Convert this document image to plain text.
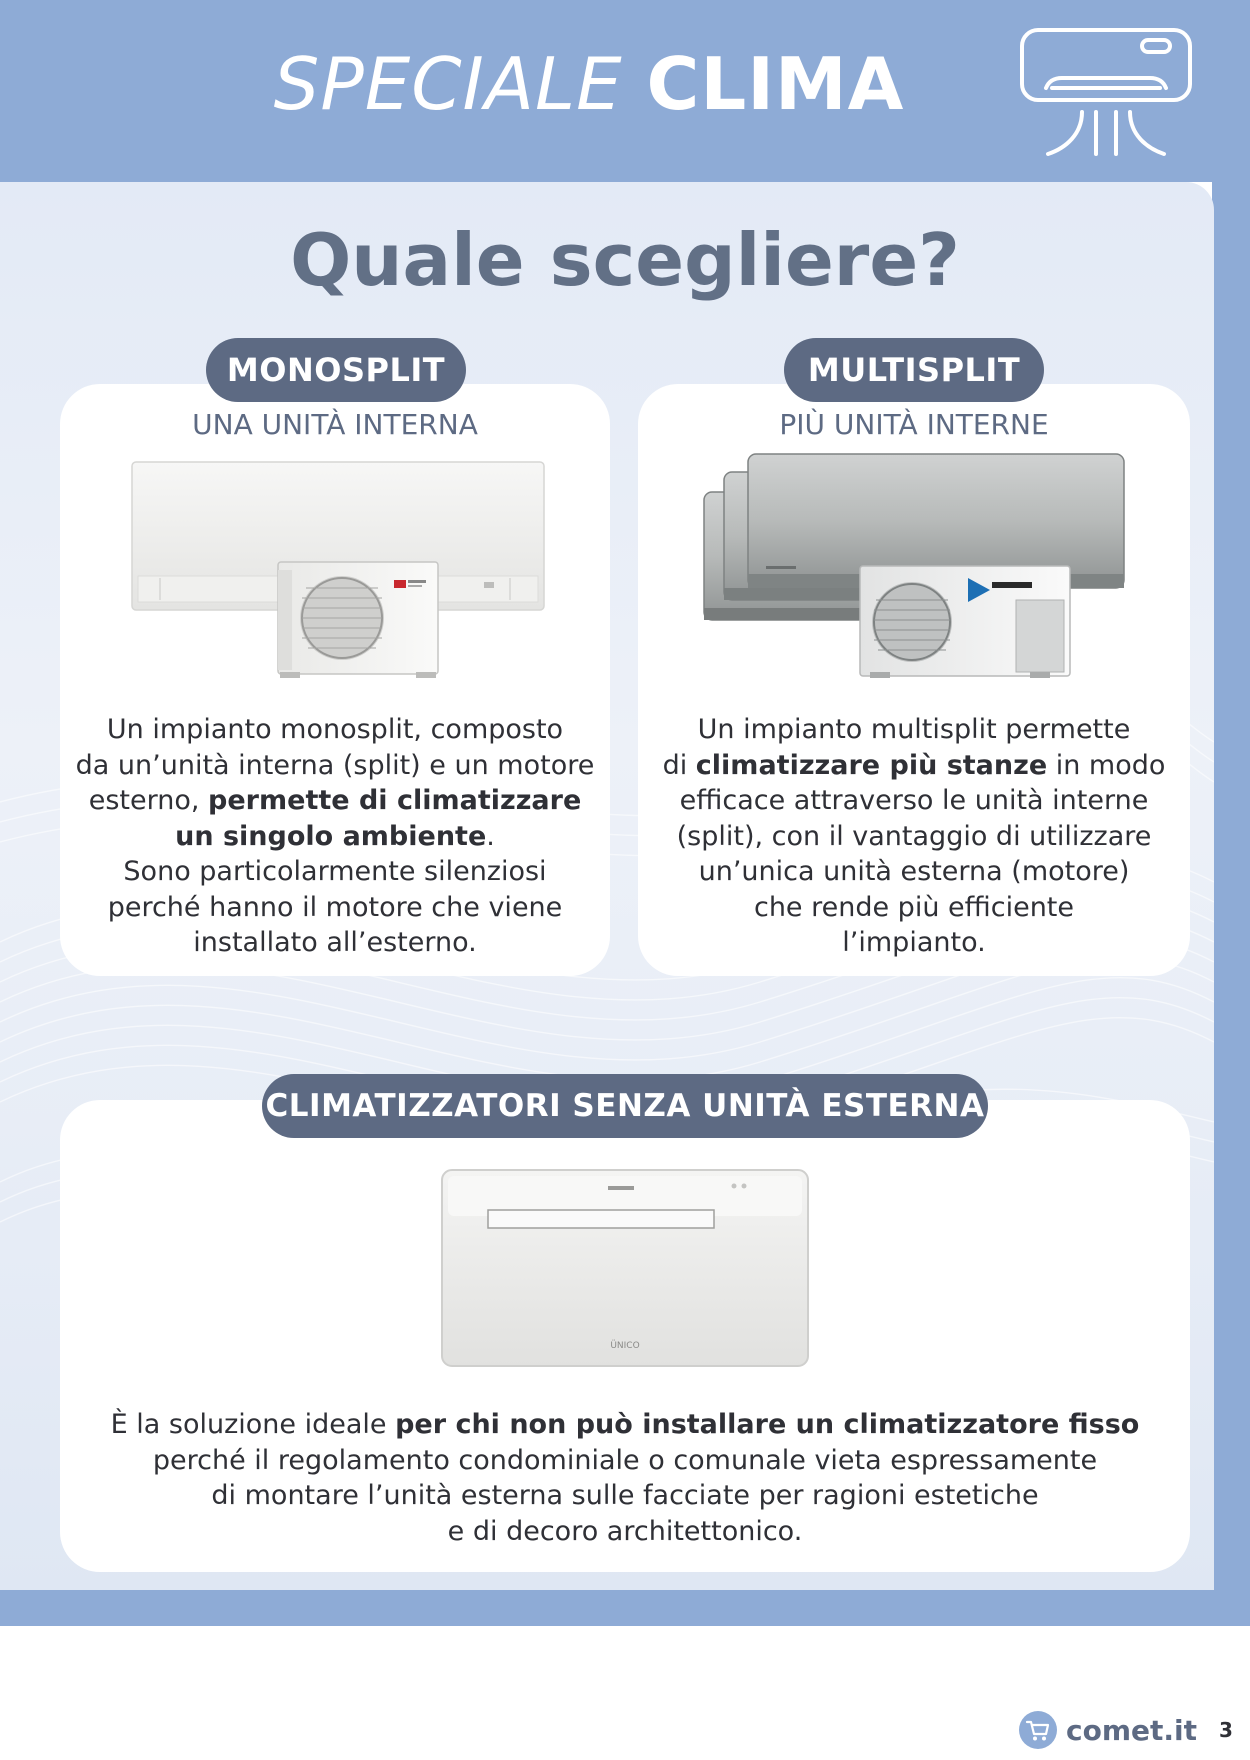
SPECIALE CLIMA
Quale scegliere?
MONOSPLIT	MULTISPLIT
UNA UNITÀ INTERNA	PIÙ UNITÀ INTERNE
Un impianto monosplit, composto
da un’unità interna (split) e un motore
esterno, permette di climatizzare
un singolo ambiente.
Sono particolarmente silenziosi
perché hanno il motore che viene
installato all’esterno.
Un impianto multisplit permette
di climatizzare più stanze in modo
efficace attraverso le unità interne
(split), con il vantaggio di utilizzare
un’unica unità esterna (motore)
che rende più efficiente
l’impianto.
CLIMATIZZATORI SENZA UNITÀ ESTERNA
ÜNICO
È la soluzione ideale per chi non può installare un climatizzatore fisso
perché il regolamento condominiale o comunale vieta espressamente
di montare l’unità esterna sulle facciate per ragioni estetiche
e di decoro architettonico.
comet.it 3
